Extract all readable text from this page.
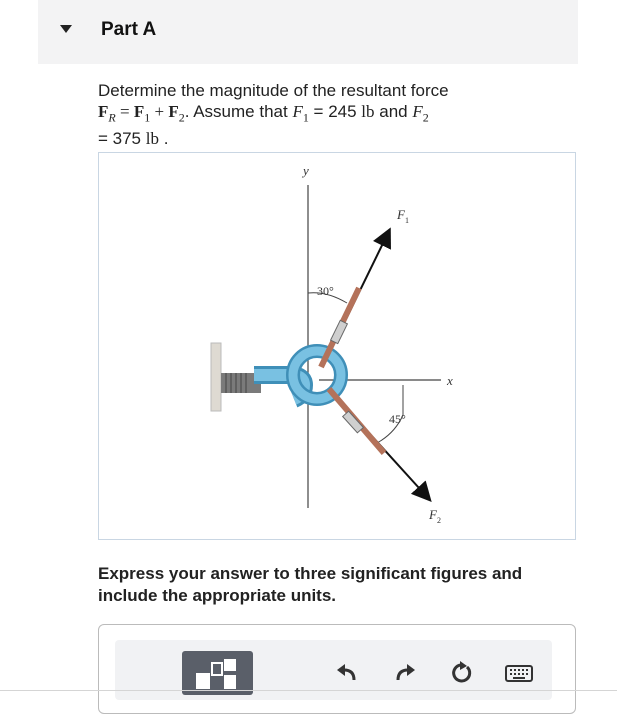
Part A
Determine the magnitude of the resultant force
$F_R = F_1 + F_2$. Assume that $F_1 = 245$ lb and $F_2$
= 375 lb .
y
x
F 1
F 2
30°
45°
Express your answer to three significant figures and include the appropriate units.
